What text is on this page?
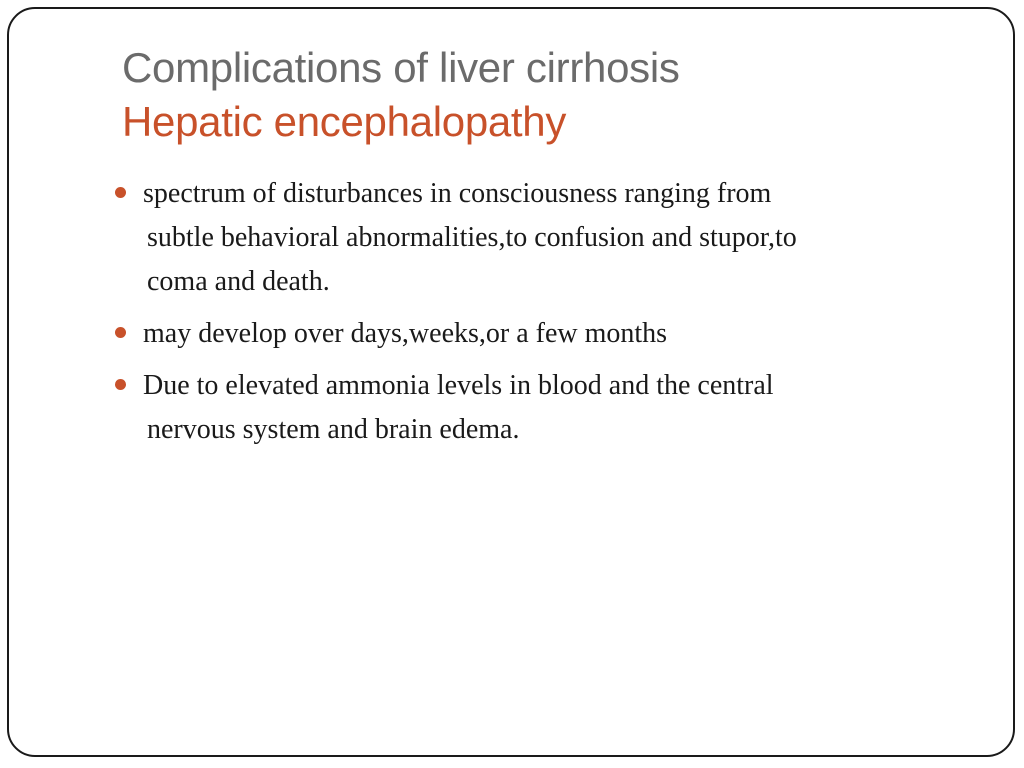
Complications of liver cirrhosis
Hepatic encephalopathy
spectrum of disturbances in consciousness ranging from
subtle behavioral abnormalities,to confusion and stupor,to
coma and death.
may develop over days,weeks,or a few months
Due to elevated ammonia levels in blood and the central
nervous system and brain edema.
